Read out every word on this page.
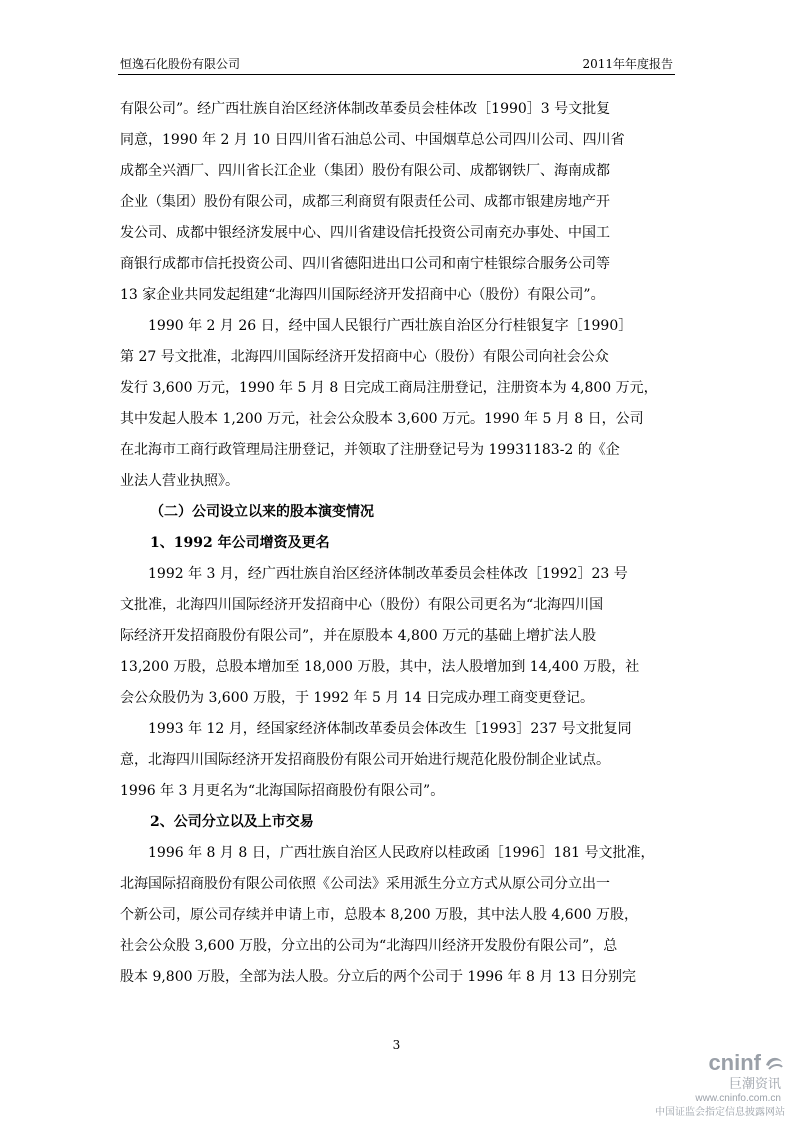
恒逸石化股份有限公司	2011年年度报告

有限公司”。经广西壮族自治区经济体制改革委员会桂体改［1990］3 号文批复
同意，1990 年 2 月 10 日四川省石油总公司、中国烟草总公司四川公司、四川省
成都全兴酒厂、四川省长江企业（集团）股份有限公司、成都钢铁厂、海南成都
企业（集团）股份有限公司，成都三利商贸有限责任公司、成都市银建房地产开
发公司、成都中银经济发展中心、四川省建设信托投资公司南充办事处、中国工
商银行成都市信托投资公司、四川省德阳进出口公司和南宁桂银综合服务公司等
13 家企业共同发起组建“北海四川国际经济开发招商中心（股份）有限公司”。

1990 年 2 月 26 日，经中国人民银行广西壮族自治区分行桂银复字［1990］
第 27 号文批准，北海四川国际经济开发招商中心（股份）有限公司向社会公众
发行 3,600 万元，1990 年 5 月 8 日完成工商局注册登记，注册资本为 4,800 万元，
其中发起人股本 1,200 万元，社会公众股本 3,600 万元。1990 年 5 月 8 日，公司
在北海市工商行政管理局注册登记，并领取了注册登记号为 19931183-2 的《企
业法人营业执照》。

（二）公司设立以来的股本演变情况

1、1992 年公司增资及更名

1992 年 3 月，经广西壮族自治区经济体制改革委员会桂体改［1992］23 号
文批准，北海四川国际经济开发招商中心（股份）有限公司更名为“北海四川国
际经济开发招商股份有限公司”，并在原股本 4,800 万元的基础上增扩法人股
13,200 万股，总股本增加至 18,000 万股，其中，法人股增加到 14,400 万股，社
会公众股仍为 3,600 万股，于 1992 年 5 月 14 日完成办理工商变更登记。

1993 年 12 月，经国家经济体制改革委员会体改生［1993］237 号文批复同
意，北海四川国际经济开发招商股份有限公司开始进行规范化股份制企业试点。
1996 年 3 月更名为“北海国际招商股份有限公司”。

2、公司分立以及上市交易

1996 年 8 月 8 日，广西壮族自治区人民政府以桂政函［1996］181 号文批准，
北海国际招商股份有限公司依照《公司法》采用派生分立方式从原公司分立出一
个新公司，原公司存续并申请上市，总股本 8,200 万股，其中法人股 4,600 万股，
社会公众股 3,600 万股，分立出的公司为“北海四川经济开发股份有限公司”，总
股本 9,800 万股，全部为法人股。分立后的两个公司于 1996 年 8 月 13 日分别完

3
cninf
巨潮资讯
www.cninfo.com.cn
中国证监会指定信息披露网站
